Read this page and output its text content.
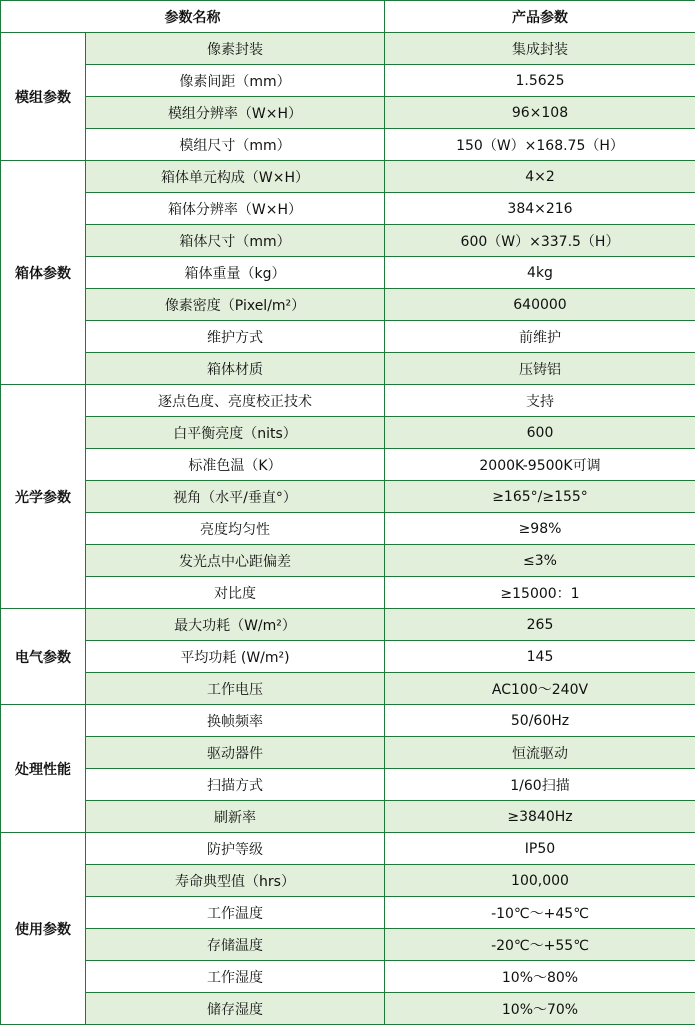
参数名称		产品参数
模组参数	像素封装	集成封装
	像素间距（mm）	1.5625
	模组分辨率（W×H）	96×108
	模组尺寸（mm）	150（W）×168.75（H）
箱体参数	箱体单元构成（W×H）	4×2
	箱体分辨率（W×H）	384×216
	箱体尺寸（mm）	600（W）×337.5（H）
	箱体重量（kg）	4kg
	像素密度（Pixel/m²）	640000
	维护方式	前维护
	箱体材质	压铸铝
光学参数	逐点色度、亮度校正技术	支持
	白平衡亮度（nits）	600
	标准色温（K）	2000K-9500K可调
	视角（水平/垂直°）	≥165°/≥155°
	亮度均匀性	≥98%
	发光点中心距偏差	≤3%
	对比度	≥15000：1
电气参数	最大功耗（W/m²）	265
	平均功耗 (W/m²)	145
	工作电压	AC100～240V
处理性能	换帧频率	50/60Hz
	驱动器件	恒流驱动
	扫描方式	1/60扫描
	刷新率	≥3840Hz
使用参数	防护等级	IP50
	寿命典型值（hrs）	100,000
	工作温度	-10℃～+45℃
	存储温度	-20℃～+55℃
	工作湿度	10%～80%
	储存湿度	10%～70%
